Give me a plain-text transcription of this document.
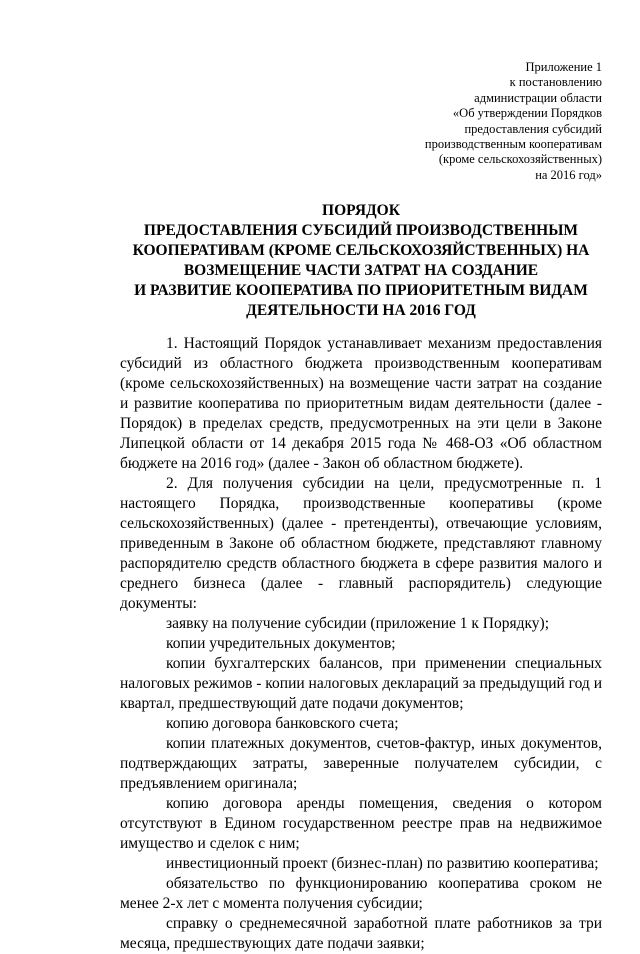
Приложение 1
к постановлению
администрации области
«Об утверждении Порядков
предоставления субсидий
производственным кооперативам
(кроме сельскохозяйственных)
на 2016 год»
ПОРЯДОК
ПРЕДОСТАВЛЕНИЯ СУБСИДИЙ ПРОИЗВОДСТВЕННЫМ
КООПЕРАТИВАМ (КРОМЕ СЕЛЬСКОХОЗЯЙСТВЕННЫХ) НА
ВОЗМЕЩЕНИЕ ЧАСТИ ЗАТРАТ НА СОЗДАНИЕ
И РАЗВИТИЕ КООПЕРАТИВА ПО ПРИОРИТЕТНЫМ ВИДАМ
ДЕЯТЕЛЬНОСТИ НА 2016 ГОД

1. Настоящий Порядок устанавливает механизм предоставления субсидий из областного бюджета производственным кооперативам (кроме сельскохозяйственных) на возмещение части затрат на создание и развитие кооператива по приоритетным видам деятельности (далее - Порядок) в пределах средств, предусмотренных на эти цели в Законе Липецкой области от 14 декабря 2015 года № 468-ОЗ «Об областном бюджете на 2016 год» (далее - Закон об областном бюджете).

2. Для получения субсидии на цели, предусмотренные п. 1 настоящего Порядка, производственные кооперативы (кроме сельскохозяйственных) (далее - претенденты), отвечающие условиям, приведенным в Законе об областном бюджете, представляют главному распорядителю средств областного бюджета в сфере развития малого и среднего бизнеса (далее - главный распорядитель) следующие документы:

заявку на получение субсидии (приложение 1 к Порядку);

копии учредительных документов;

копии бухгалтерских балансов, при применении специальных налоговых режимов - копии налоговых деклараций за предыдущий год и квартал, предшествующий дате подачи документов;

копию договора банковского счета;

копии платежных документов, счетов-фактур, иных документов, подтверждающих затраты, заверенные получателем субсидии, с предъявлением оригинала;

копию договора аренды помещения, сведения о котором отсутствуют в Едином государственном реестре прав на недвижимое имущество и сделок с ним;

инвестиционный проект (бизнес-план) по развитию кооператива;

обязательство по функционированию кооператива сроком не менее 2-х лет с момента получения субсидии;

справку о среднемесячной заработной плате работников за три месяца, предшествующих дате подачи заявки;
